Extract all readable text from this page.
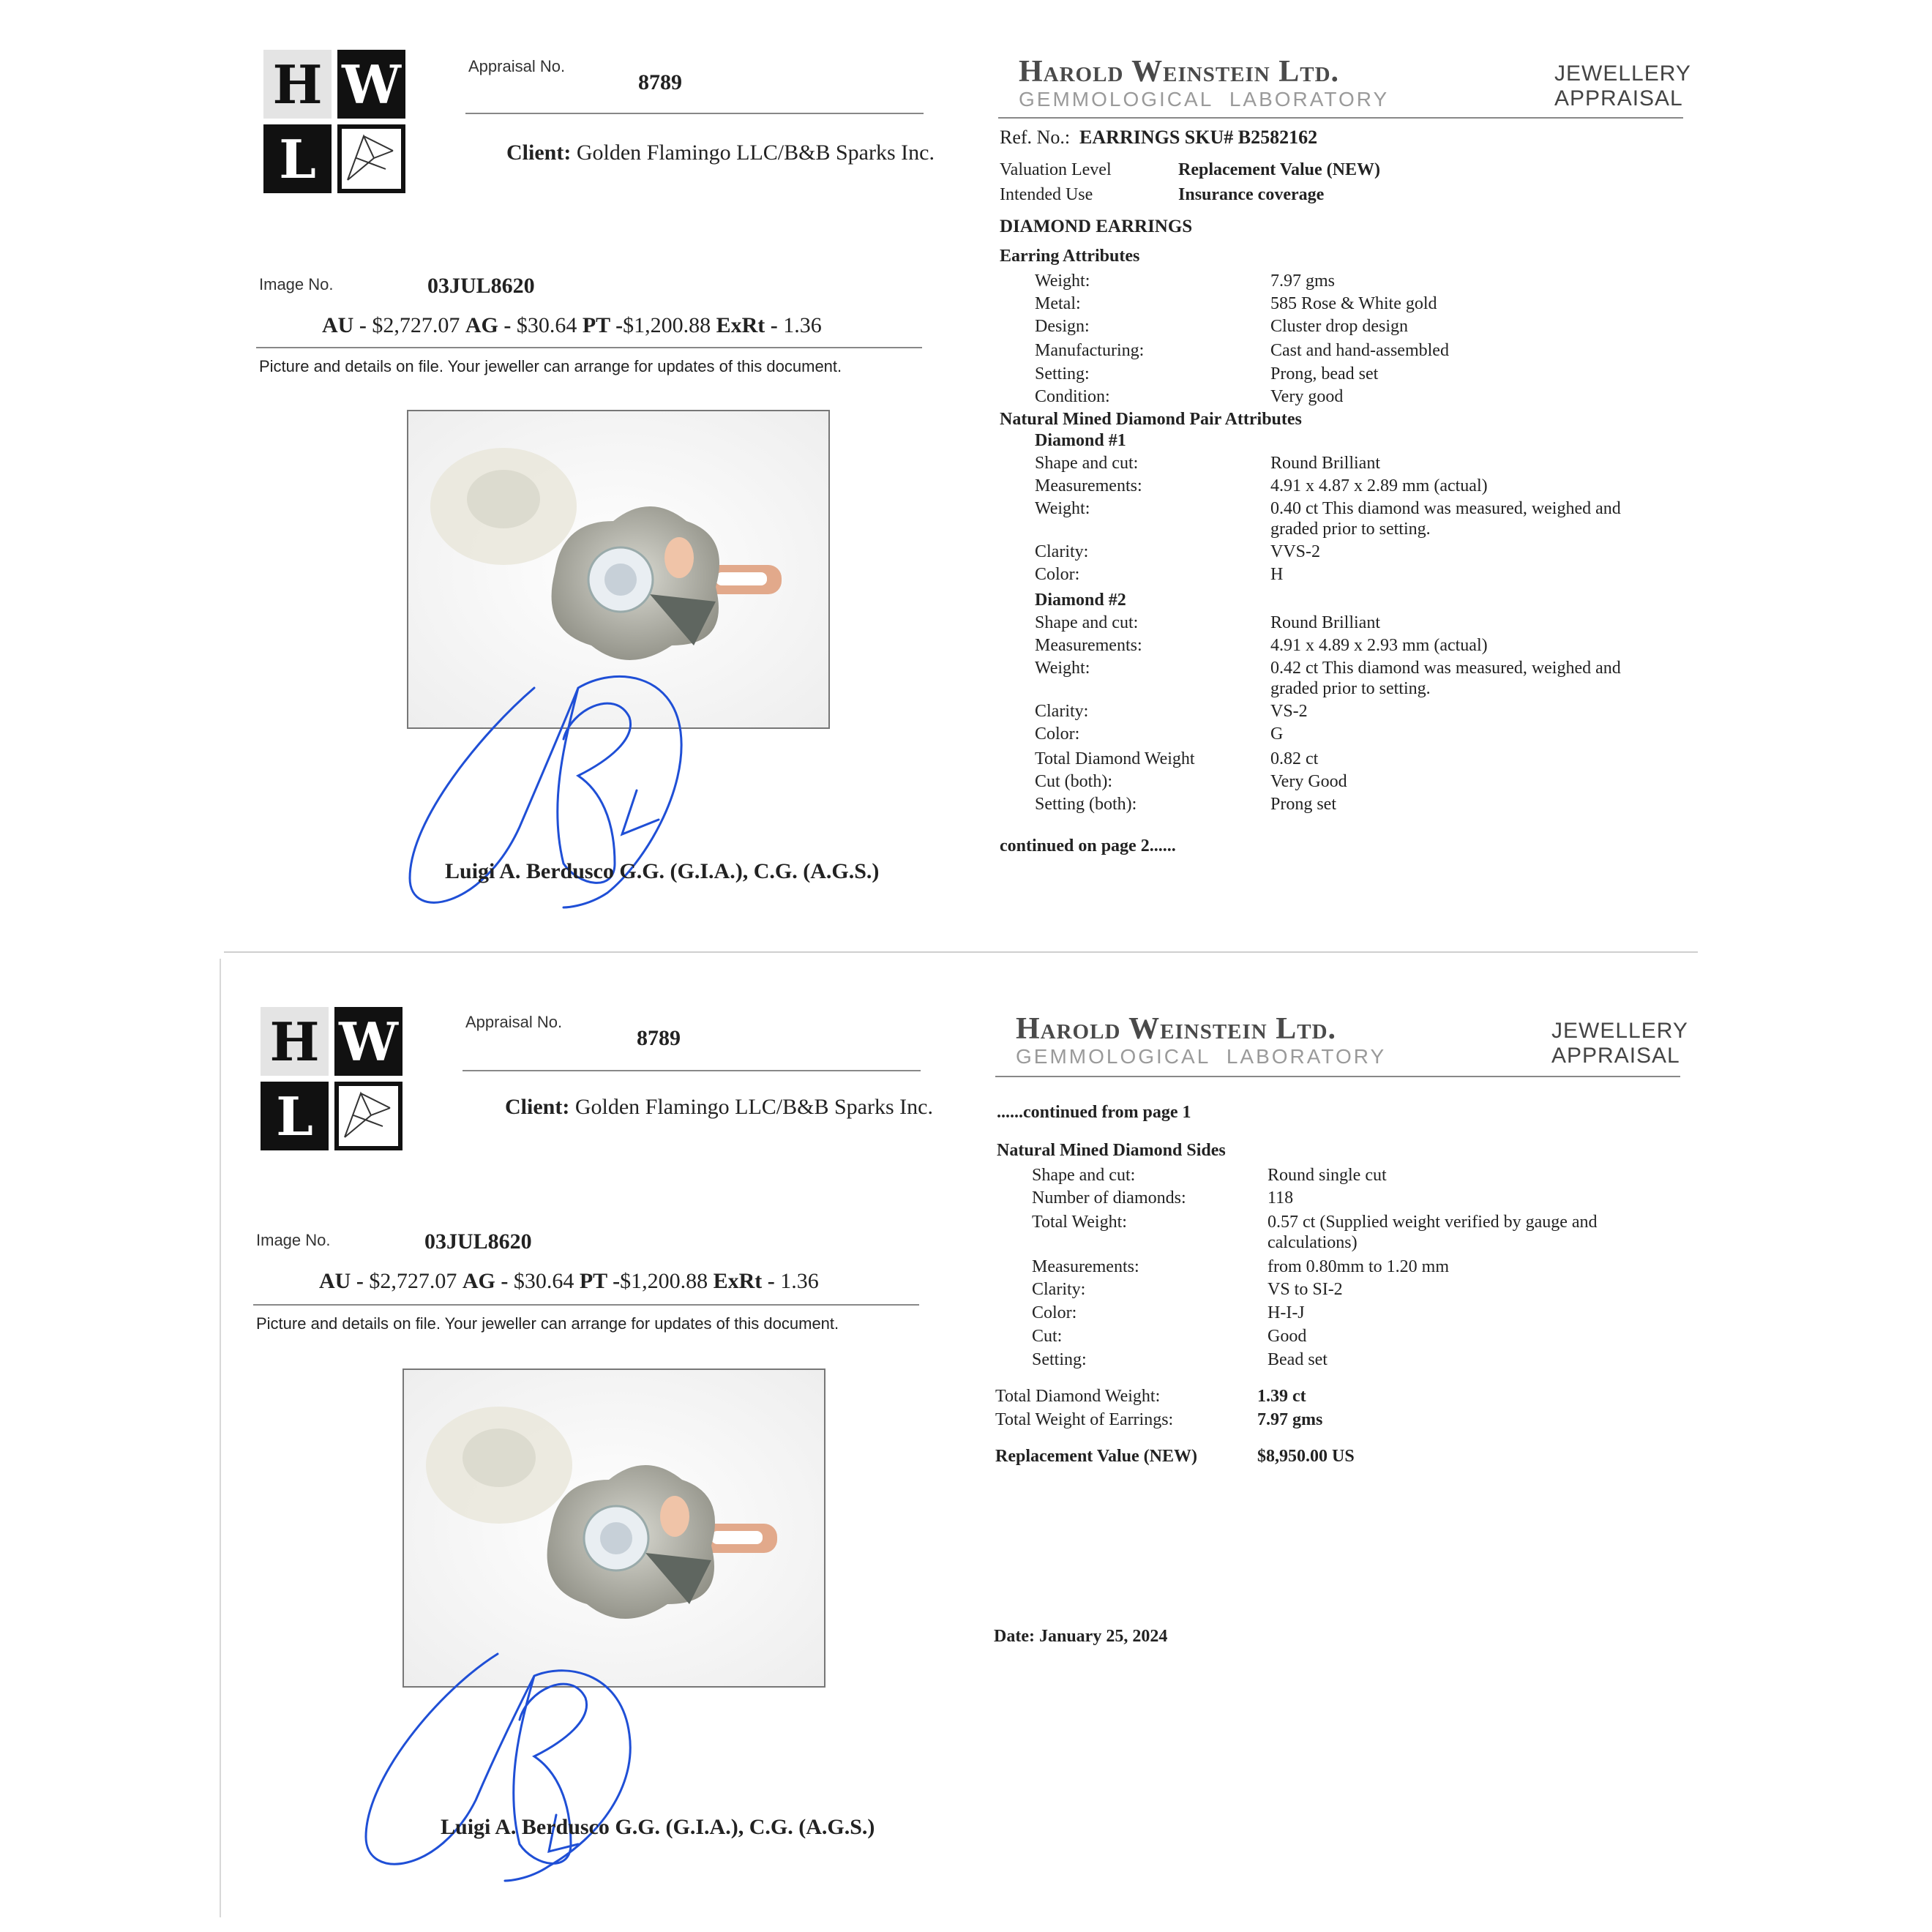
H W
L
Appraisal No.
8789
Client: Golden Flamingo LLC/B&B Sparks Inc.
Harold Weinstein Ltd.
GEMMOLOGICAL LABORATORY
JEWELLERY
APPRAISAL
Image No.	03JUL8620
AU - $2,727.07 AG - $30.64 PT -$1,200.88 ExRt - 1.36
Picture and details on file. Your jeweller can arrange for updates of this document.
Luigi A. Berdusco G.G. (G.I.A.), C.G. (A.G.S.)
Ref. No.: EARRINGS SKU# B2582162
Valuation Level	Replacement Value (NEW)
Intended Use	Insurance coverage
DIAMOND EARRINGS
Earring Attributes
Weight:	7.97 gms
Metal:	585 Rose & White gold
Design:	Cluster drop design
Manufacturing:	Cast and hand-assembled
Setting:	Prong, bead set
Condition:	Very good
Natural Mined Diamond Pair Attributes
Diamond #1
Shape and cut:	Round Brilliant
Measurements:	4.91 x 4.87 x 2.89 mm (actual)
Weight:	0.40 ct This diamond was measured, weighed and graded prior to setting.
Clarity:	VVS-2
Color:	H
Diamond #2
Shape and cut:	Round Brilliant
Measurements:	4.91 x 4.89 x 2.93 mm (actual)
Weight:	0.42 ct This diamond was measured, weighed and graded prior to setting.
Clarity:	VS-2
Color:	G
Total Diamond Weight	0.82 ct
Cut (both):	Very Good
Setting (both):	Prong set
continued on page 2......
H W
L
Appraisal No.
8789
Client: Golden Flamingo LLC/B&B Sparks Inc.
Harold Weinstein Ltd.
GEMMOLOGICAL LABORATORY
JEWELLERY
APPRAISAL
Image No.	03JUL8620
AU - $2,727.07 AG - $30.64 PT -$1,200.88 ExRt - 1.36
Picture and details on file. Your jeweller can arrange for updates of this document.
Luigi A. Berdusco G.G. (G.I.A.), C.G. (A.G.S.)
......continued from page 1
Natural Mined Diamond Sides
Shape and cut:	Round single cut
Number of diamonds:	118
Total Weight:	0.57 ct (Supplied weight verified by gauge and calculations)
Measurements:	from 0.80mm to 1.20 mm
Clarity:	VS to SI-2
Color:	H-I-J
Cut:	Good
Setting:	Bead set
Total Diamond Weight:	1.39 ct
Total Weight of Earrings:	7.97 gms
Replacement Value (NEW)	$8,950.00 US
Date: January 25, 2024
